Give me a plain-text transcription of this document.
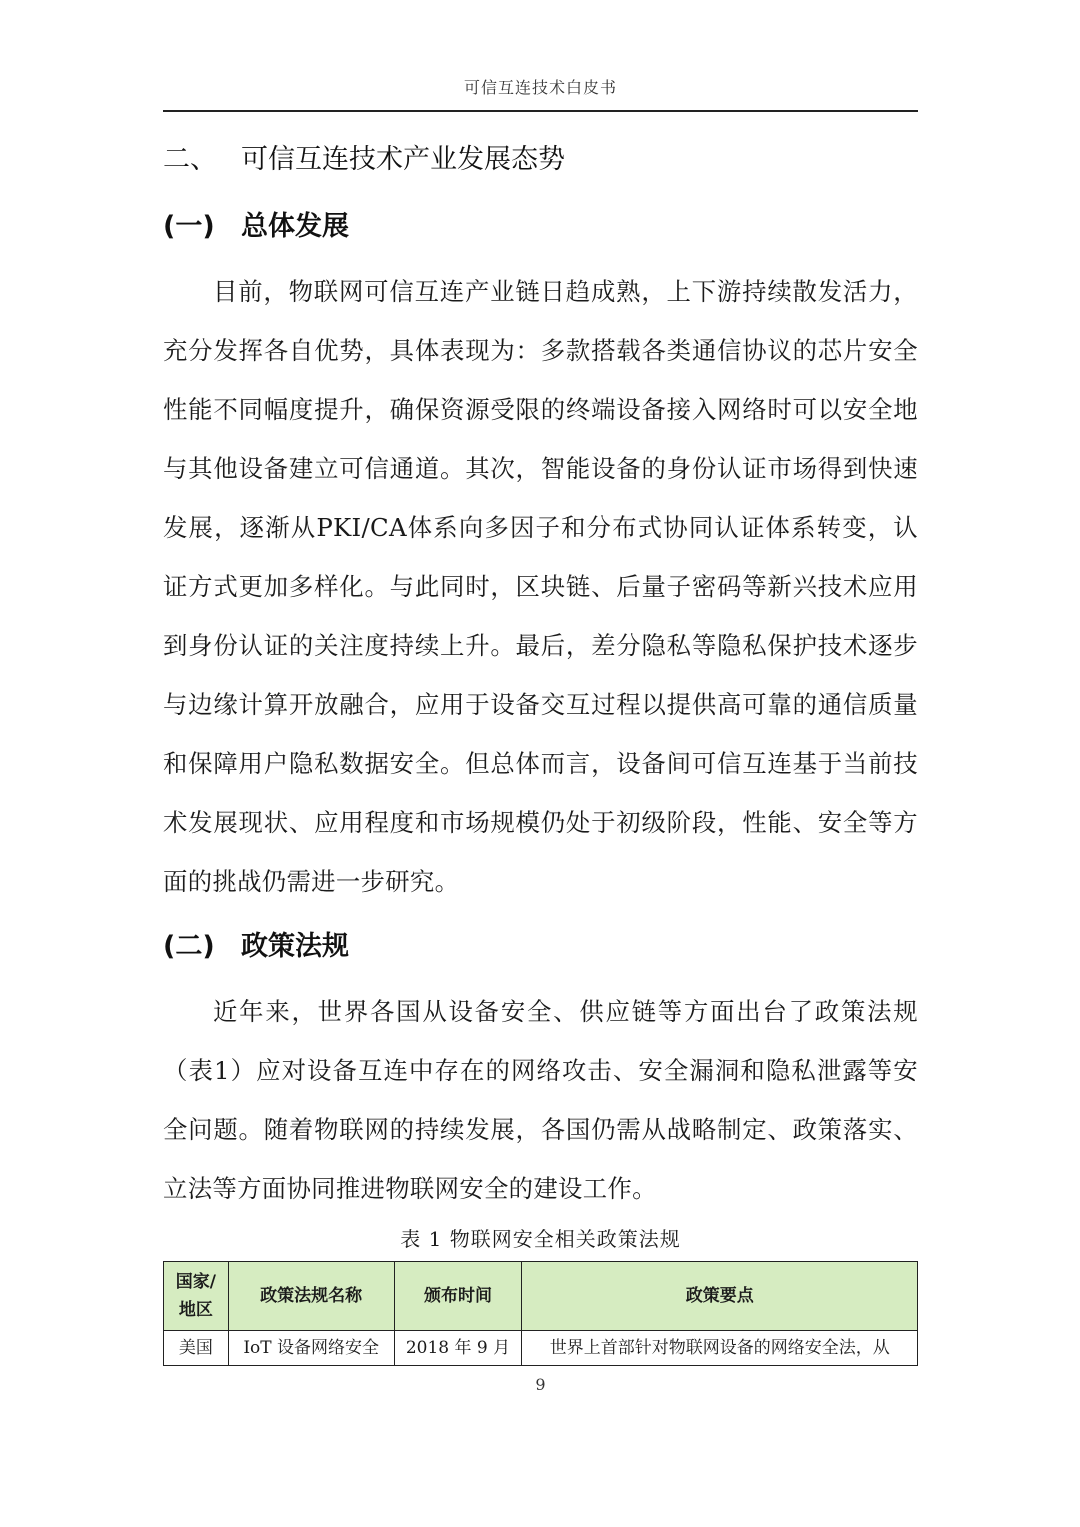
可信互连技术白皮书
二、 可信互连技术产业发展态势
(一) 总体发展

目前，物联网可信互连产业链日趋成熟，上下游持续散发活力，充分发挥各自优势，具体表现为：多款搭载各类通信协议的芯片安全性能不同幅度提升，确保资源受限的终端设备接入网络时可以安全地与其他设备建立可信通道。其次，智能设备的身份认证市场得到快速发展，逐渐从PKI/CA体系向多因子和分布式协同认证体系转变，认证方式更加多样化。与此同时，区块链、后量子密码等新兴技术应用到身份认证的关注度持续上升。最后，差分隐私等隐私保护技术逐步与边缘计算开放融合，应用于设备交互过程以提供高可靠的通信质量和保障用户隐私数据安全。但总体而言，设备间可信互连基于当前技术发展现状、应用程度和市场规模仍处于初级阶段，性能、安全等方面的挑战仍需进一步研究。

(二) 政策法规

近年来，世界各国从设备安全、供应链等方面出台了政策法规（表1）应对设备互连中存在的网络攻击、安全漏洞和隐私泄露等安全问题。随着物联网的持续发展，各国仍需从战略制定、政策落实、立法等方面协同推进物联网安全的建设工作。

表 1 物联网安全相关政策法规
国家/地区	政策法规名称	颁布时间	政策要点
美国	IoT 设备网络安全	2018 年 9 月	世界上首部针对物联网设备的网络安全法，从
9
